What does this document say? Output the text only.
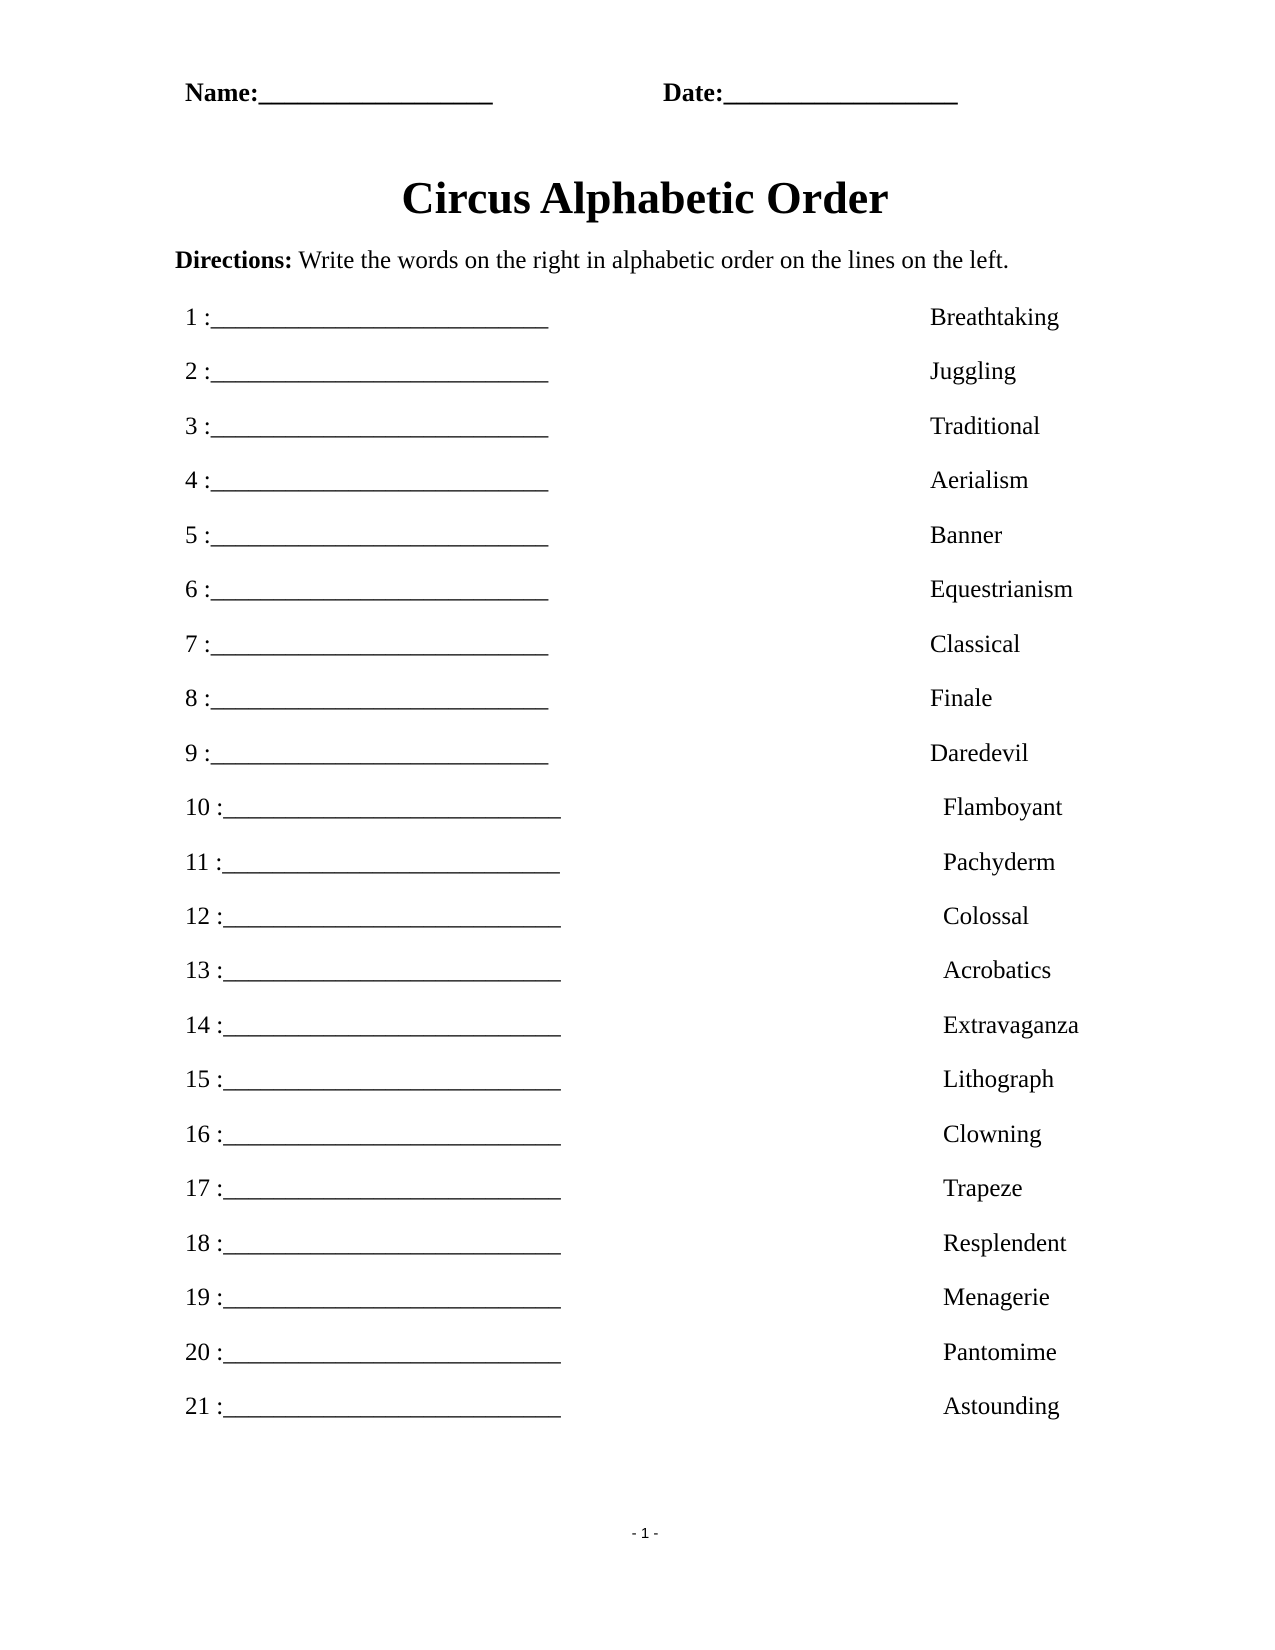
Name:__________________	Date:__________________
Circus Alphabetic Order
Directions: Write the words on the right in alphabetic order on the lines on the left.
1 :___________________________	Breathtaking
2 :___________________________	Juggling
3 :___________________________	Traditional
4 :___________________________	Aerialism
5 :___________________________	Banner
6 :___________________________	Equestrianism
7 :___________________________	Classical
8 :___________________________	Finale
9 :___________________________	Daredevil
10 :___________________________	Flamboyant
11 :___________________________	Pachyderm
12 :___________________________	Colossal
13 :___________________________	Acrobatics
14 :___________________________	Extravaganza
15 :___________________________	Lithograph
16 :___________________________	Clowning
17 :___________________________	Trapeze
18 :___________________________	Resplendent
19 :___________________________	Menagerie
20 :___________________________	Pantomime
21 :___________________________	Astounding
- 1 -
